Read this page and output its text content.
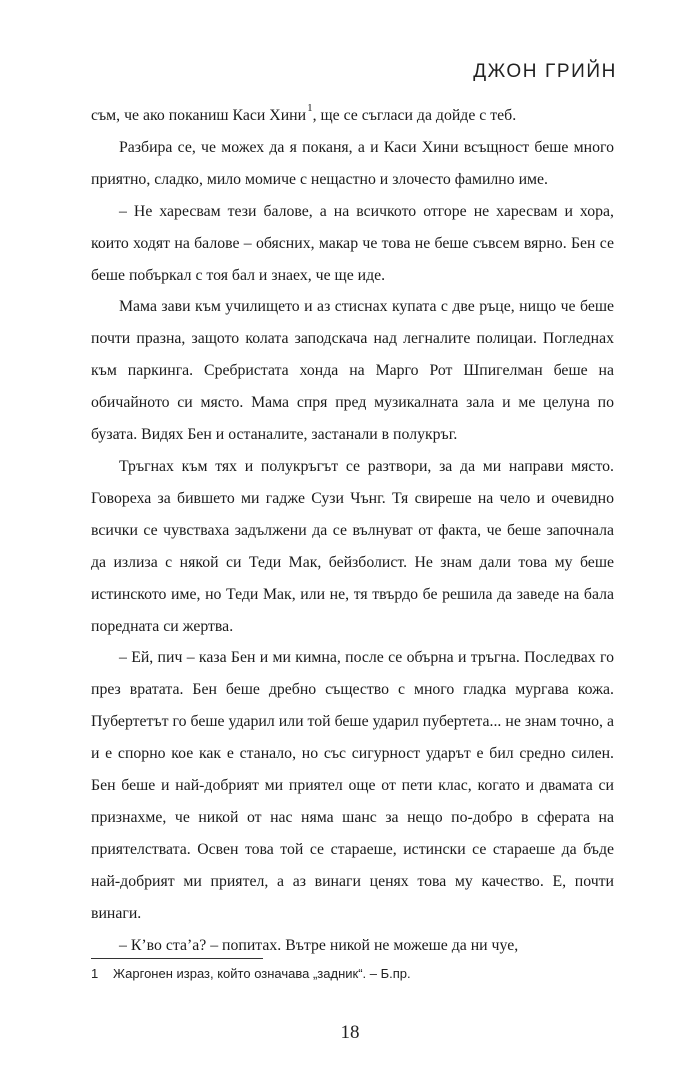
ДЖОН ГРИЙН

съм, че ако поканиш Каси Хини$^1$, ще се съгласи да дойде с теб.

Разбира се, че можех да я поканя, а и Каси Хини всъщност беше много приятно, сладко, мило момиче с нещастно и злочесто фамилно име.

– Не харесвам тези балове, а на всичкото отгоре не харесвам и хора, които ходят на балове – обясних, макар че това не беше съвсем вярно. Бен се беше побъркал с тоя бал и знаех, че ще иде.

Мама зави към училището и аз стиснах купата с две ръце, нищо че беше почти празна, защото колата заподскача над легналите полицаи. Погледнах към паркинга. Сребристата хонда на Марго Рот Шпигелман беше на обичайното си място. Мама спря пред музикалната зала и ме целуна по бузата. Видях Бен и останалите, застанали в полукръг.

Тръгнах към тях и полукръгът се разтвори, за да ми направи място. Говореха за бившето ми гадже Сузи Чънг. Тя свиреше на чело и очевидно всички се чувстваха задължени да се вълнуват от факта, че беше започнала да излиза с някой си Теди Мак, бейзболист. Не знам дали това му беше истинското име, но Теди Мак, или не, тя твърдо бе решила да заведе на бала поредната си жертва.

– Ей, пич – каза Бен и ми кимна, после се обърна и тръгна. Последвах го през вратата. Бен беше дребно същество с много гладка мургава кожа. Пубертетът го беше ударил или той беше ударил пубертета... не знам точно, а и е спорно кое как е станало, но със сигурност ударът е бил средно силен. Бен беше и най-добрият ми приятел още от пети клас, когато и двамата си признахме, че никой от нас няма шанс за нещо по-добро в сферата на приятелствата. Освен това той се стараеше, истински се стараеше да бъде най-добрият ми приятел, а аз винаги ценях това му качество. Е, почти винаги.

– К’во ста’а? – попитах. Вътре никой не можеше да ни чуе,

1 Жаргонен израз, който означава „задник“. – Б.пр.
18
